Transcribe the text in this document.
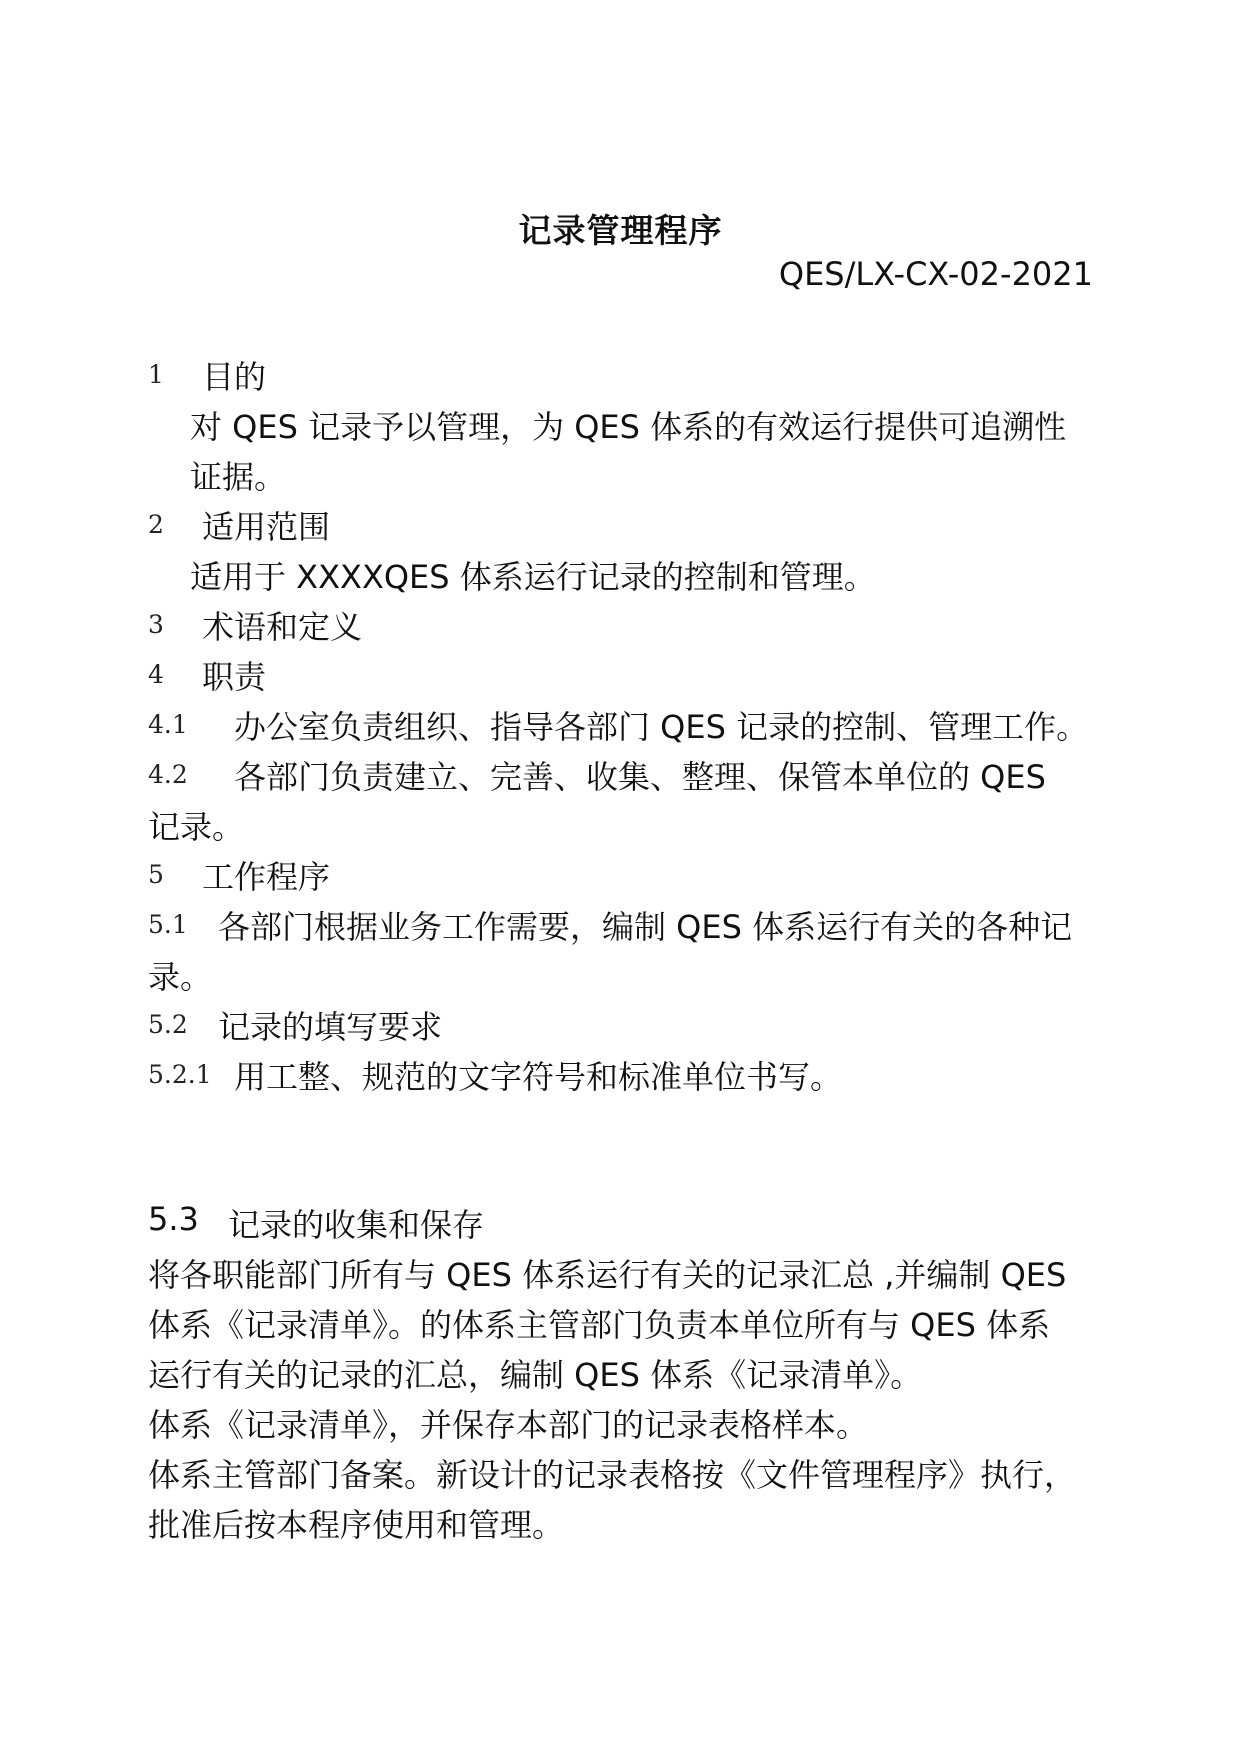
记录管理程序
QES/LX-CX-02-2021
1 目的
对 QES 记录予以管理，为 QES 体系的有效运行提供可追溯性
证据。
2 适用范围
适用于 XXXXQES 体系运行记录的控制和管理。
3 术语和定义
4 职责
4.1 办公室负责组织、指导各部门 QES 记录的控制、管理工作。
4.2 各部门负责建立、完善、收集、整理、保管本单位的 QES
记录。
5 工作程序
5.1 各部门根据业务工作需要，编制 QES 体系运行有关的各种记
录。
5.2 记录的填写要求
5.2.1 用工整、规范的文字符号和标准单位书写。
5.3 记录的收集和保存
将各职能部门所有与 QES 体系运行有关的记录汇总 ,并编制 QES
体系《记录清单》。的体系主管部门负责本单位所有与 QES 体系
运行有关的记录的汇总，编制 QES 体系《记录清单》。
体系《记录清单》，并保存本部门的记录表格样本。
体系主管部门备案。新设计的记录表格按《文件管理程序》执行，
批准后按本程序使用和管理。
